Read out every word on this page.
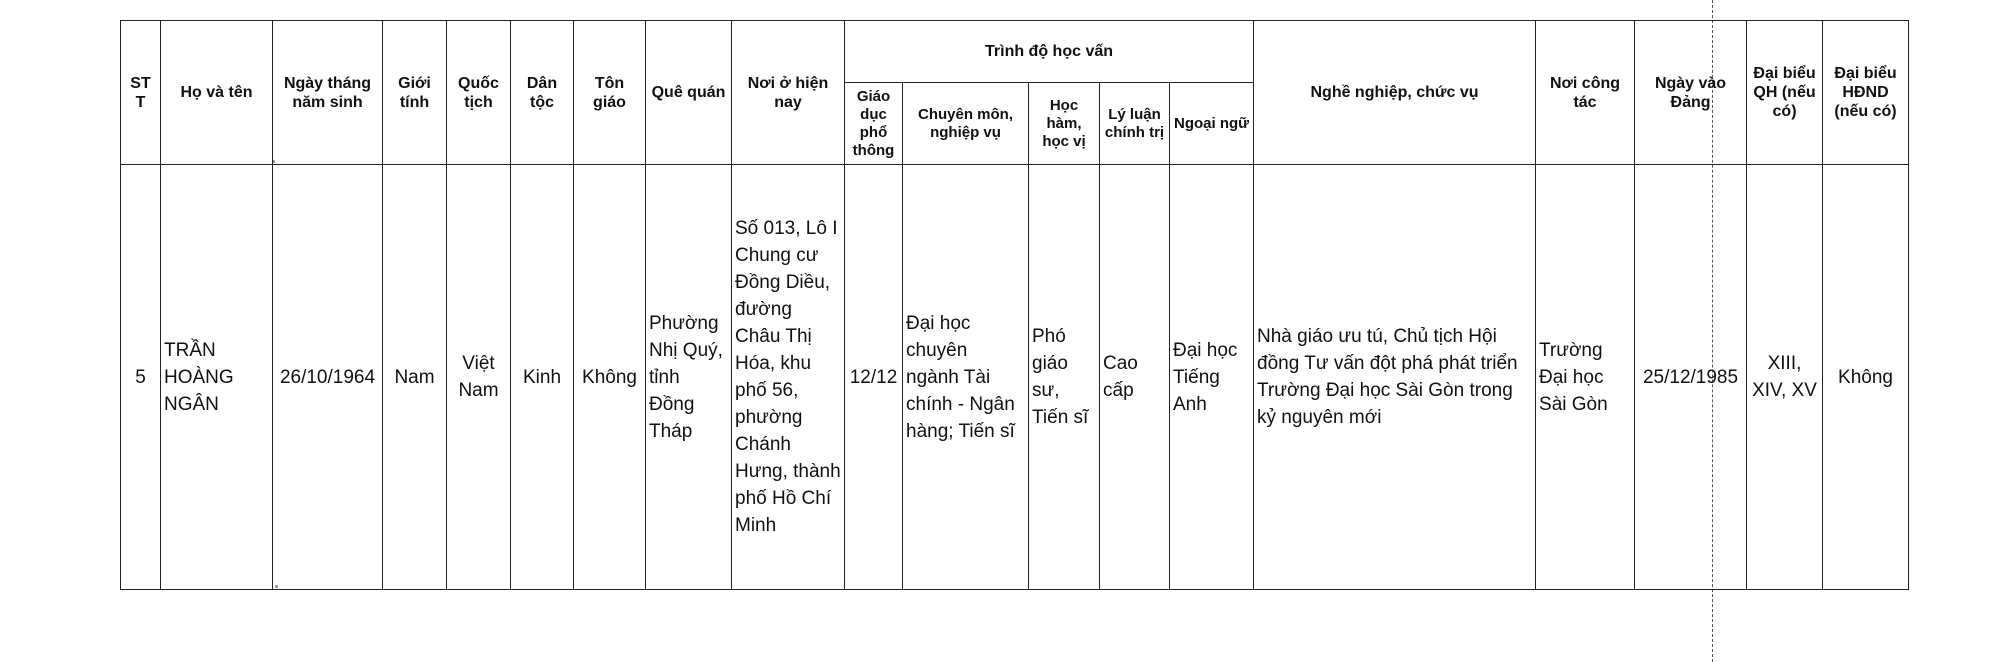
ST T	Họ và tên	Ngày tháng năm sinh	Giới tính	Quốc tịch	Dân tộc	Tôn giáo	Quê quán	Nơi ở hiện nay	Trình độ học vấn					Nghề nghiệp, chức vụ	Nơi công tác	Ngày vào Đảng	Đại biểu QH (nếu có)	Đại biểu HĐND (nếu có)
									Giáo dục phổ thông	Chuyên môn, nghiệp vụ	Học hàm, học vị	Lý luận chính trị	Ngoại ngữ					
5	TRẦN HOÀNG NGÂN	26/10/1964	Nam	Việt Nam	Kinh	Không	Phường Nhị Quý, tỉnh Đồng Tháp	Số 013, Lô I Chung cư Đồng Diều, đường Châu Thị Hóa, khu phố 56, phường Chánh Hưng, thành phố Hồ Chí Minh	12/12	Đại học chuyên ngành Tài chính - Ngân hàng; Tiến sĩ	Phó giáo sư, Tiến sĩ	Cao cấp	Đại học Tiếng Anh	Nhà giáo ưu tú, Chủ tịch Hội đồng Tư vấn đột phá phát triển Trường Đại học Sài Gòn trong kỷ nguyên mới	Trường Đại học Sài Gòn	25/12/1985	XIII, XIV, XV	Không
